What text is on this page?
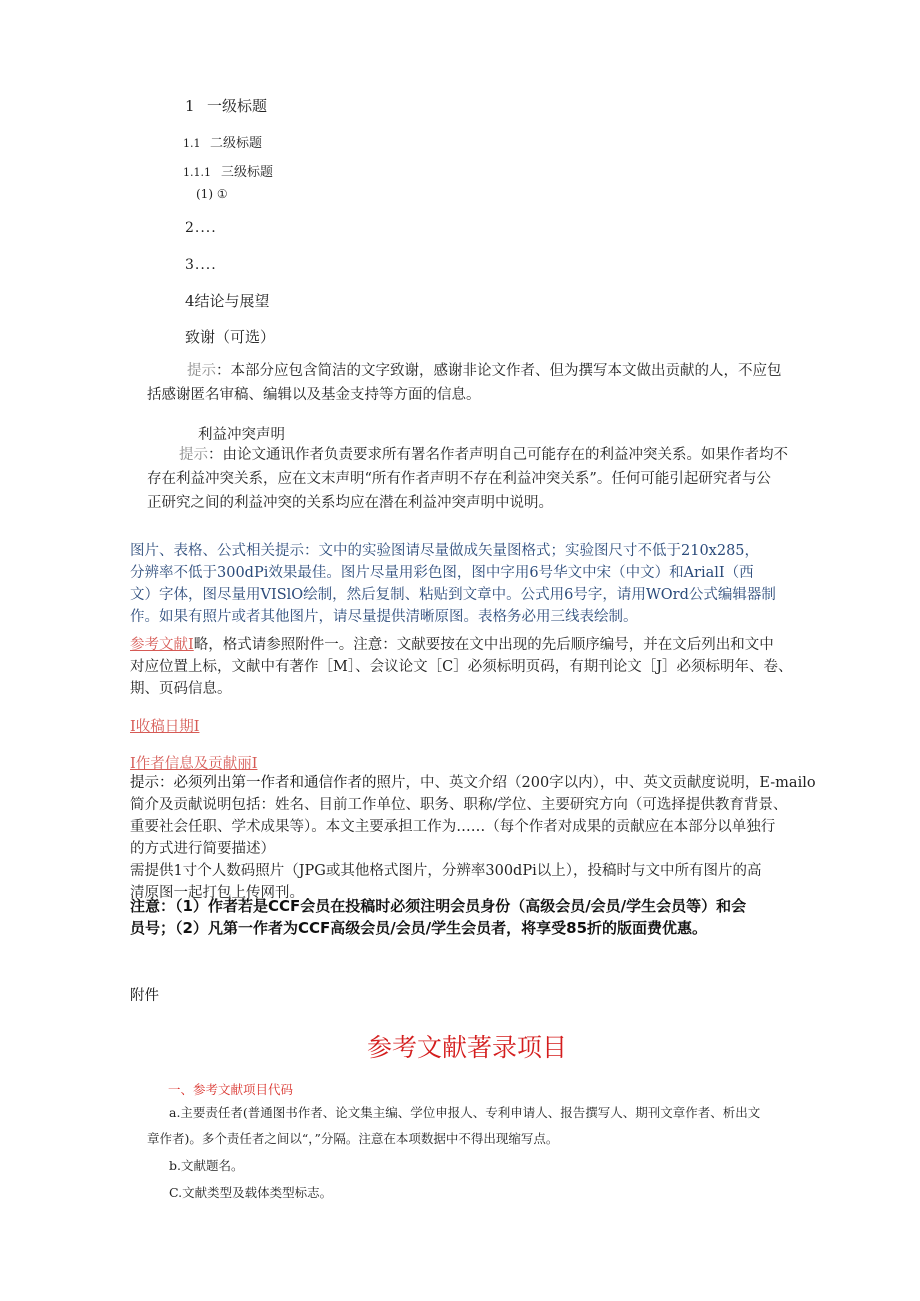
1 一级标题
1.1 二级标题
1.1.1 三级标题
(1) ①
2....
3....
4结论与展望
致谢（可选）
提示：本部分应包含简洁的文字致谢，感谢非论文作者、但为撰写本文做出贡献的人，不应包
括感谢匿名审稿、编辑以及基金支持等方面的信息。
利益冲突声明
提示：由论文通讯作者负责要求所有署名作者声明自己可能存在的利益冲突关系。如果作者均不
存在利益冲突关系，应在文末声明“所有作者声明不存在利益冲突关系”。任何可能引起研究者与公
正研究之间的利益冲突的关系均应在潜在利益冲突声明中说明。
图片、表格、公式相关提示：文中的实验图请尽量做成矢量图格式；实验图尺寸不低于210x285，
分辨率不低于300dPi效果最佳。图片尽量用彩色图，图中字用6号华文中宋（中文）和ArialI（西
文）字体，图尽量用VISlO绘制，然后复制、粘贴到文章中。公式用6号字，请用WOrd公式编辑器制
作。如果有照片或者其他图片，请尽量提供清晰原图。表格务必用三线表绘制。
参考文献I略，格式请参照附件一。注意：文献要按在文中出现的先后顺序编号，并在文后列出和文中
对应位置上标，文献中有著作［M］、会议论文［C］必须标明页码，有期刊论文［J］必须标明年、卷、
期、页码信息。
I收稿日期I
I作者信息及贡献丽I
提示：必须列出第一作者和通信作者的照片，中、英文介绍（200字以内），中、英文贡献度说明，E-mailo
简介及贡献说明包括：姓名、目前工作单位、职务、职称/学位、主要研究方向（可选择提供教育背景、
重要社会任职、学术成果等）。本文主要承担工作为……（每个作者对成果的贡献应在本部分以单独行
的方式进行简要描述）
需提供1寸个人数码照片（JPG或其他格式图片，分辨率300dPi以上），投稿时与文中所有图片的高
清原图一起打包上传网刊。
注意：（1）作者若是CCF会员在投稿时必须注明会员身份（高级会员/会员/学生会员等）和会
员号；（2）凡第一作者为CCF高级会员/会员/学生会员者，将享受85折的版面费优惠。
附件
参考文献著录项目
一、参考文献项目代码
a.主要责任者(普通图书作者、论文集主编、学位申报人、专利申请人、报告撰写人、期刊文章作者、析出文
章作者)。多个责任者之间以“，”分隔。注意在本项数据中不得出现缩写点。
b.文献题名。
C.文献类型及载体类型标志。
